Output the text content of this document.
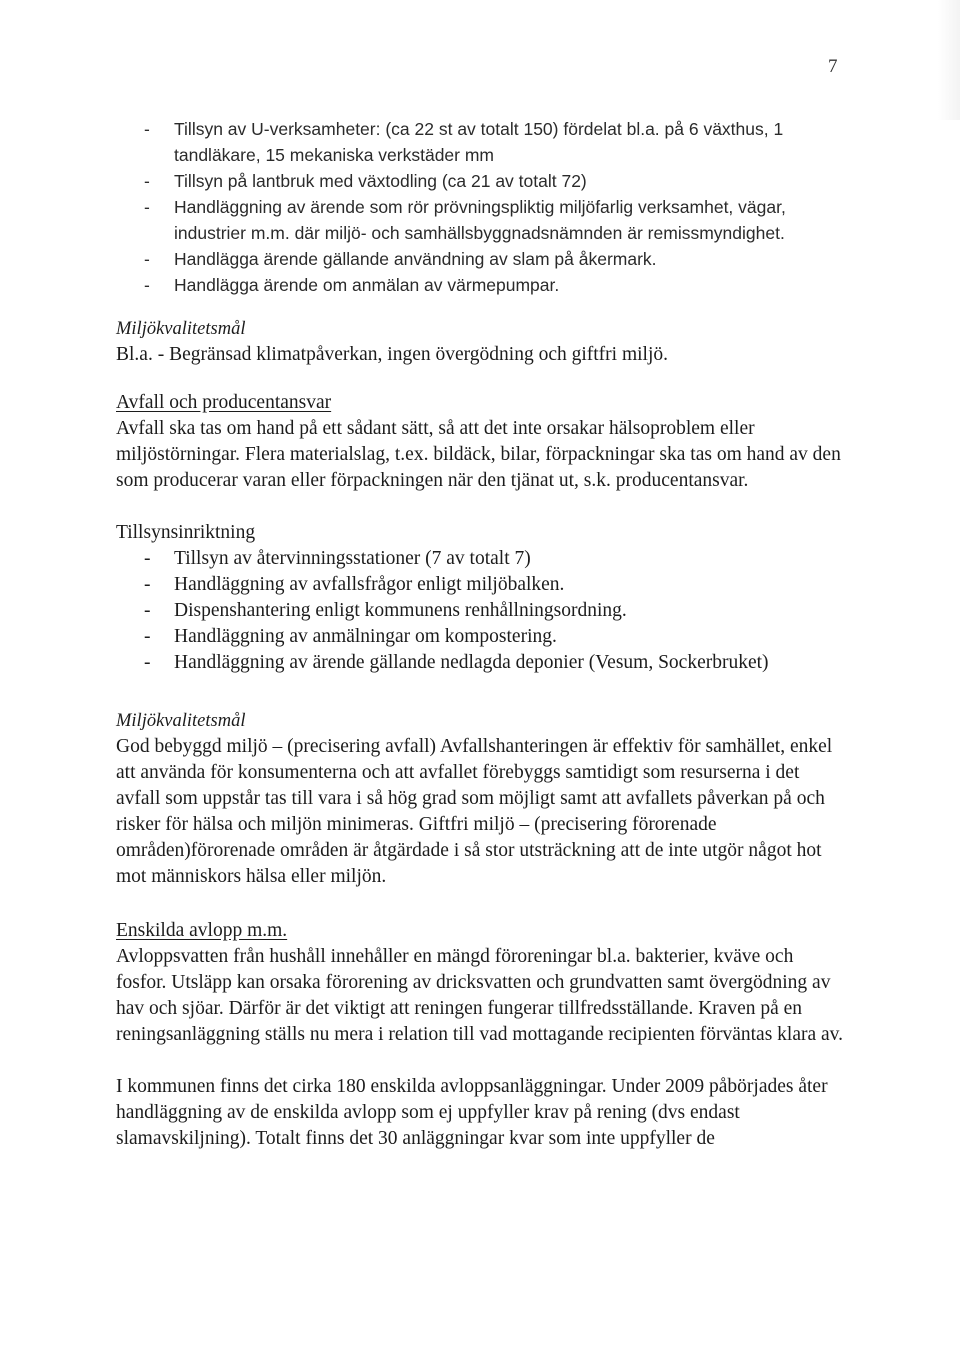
7
- Tillsyn av U-verksamheter: (ca 22 st av totalt 150) fördelat bl.a. på 6 växthus, 1 tandläkare, 15 mekaniska verkstäder mm
- Tillsyn på lantbruk med växtodling (ca 21 av totalt 72)
- Handläggning av ärende som rör prövningspliktig miljöfarlig verksamhet, vägar, industrier m.m. där miljö- och samhällsbyggnadsnämnden är remissmyndighet.
- Handlägga ärende gällande användning av slam på åkermark.
- Handlägga ärende om anmälan av värmepumpar.

Miljökvalitetsmål

Bl.a. - Begränsad klimatpåverkan, ingen övergödning och giftfri miljö.

Avfall och producentansvar

Avfall ska tas om hand på ett sådant sätt, så att det inte orsakar hälsoproblem eller miljöstörningar. Flera materialslag, t.ex. bildäck, bilar, förpackningar ska tas om hand av den som producerar varan eller förpackningen när den tjänat ut, s.k. producentansvar.

Tillsynsinriktning

- Tillsyn av återvinningsstationer (7 av totalt 7)
- Handläggning av avfallsfrågor enligt miljöbalken.
- Dispenshantering enligt kommunens renhållningsordning.
- Handläggning av anmälningar om kompostering.
- Handläggning av ärende gällande nedlagda deponier (Vesum, Sockerbruket)

Miljökvalitetsmål

God bebyggd miljö – (precisering avfall) Avfallshanteringen är effektiv för samhället, enkel att använda för konsumenterna och att avfallet förebyggs samtidigt som resurserna i det avfall som uppstår tas till vara i så hög grad som möjligt samt att avfallets påverkan på och risker för hälsa och miljön minimeras. Giftfri miljö – (precisering förorenade områden)förorenade områden är åtgärdade i så stor utsträckning att de inte utgör något hot mot människors hälsa eller miljön.

Enskilda avlopp m.m.

Avloppsvatten från hushåll innehåller en mängd föroreningar bl.a. bakterier, kväve och fosfor. Utsläpp kan orsaka förorening av dricksvatten och grundvatten samt övergödning av hav och sjöar. Därför är det viktigt att reningen fungerar tillfredsställande. Kraven på en reningsanläggning ställs nu mera i relation till vad mottagande recipienten förväntas klara av.

I kommunen finns det cirka 180 enskilda avloppsanläggningar. Under 2009 påbörjades åter handläggning av de enskilda avlopp som ej uppfyller krav på rening (dvs endast slamavskiljning). Totalt finns det 30 anläggningar kvar som inte uppfyller de
